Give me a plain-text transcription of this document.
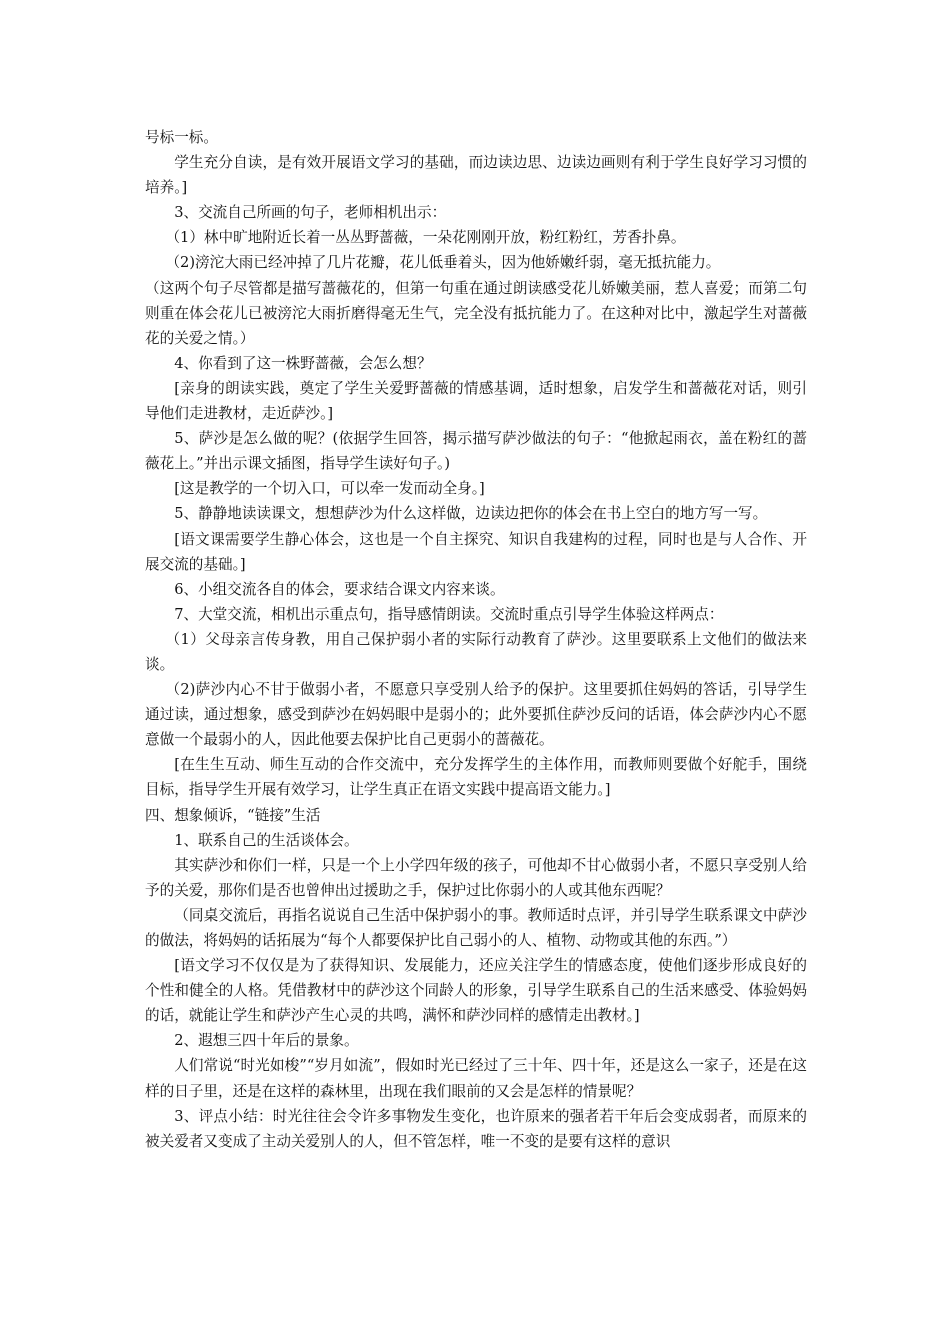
号标一标。

学生充分自读，是有效开展语文学习的基础，而边读边思、边读边画则有利于学生良好学习习惯的培养。]

3、交流自己所画的句子，老师相机出示：

（1）林中旷地附近长着一丛丛野蔷薇，一朵花刚刚开放，粉红粉红，芳香扑鼻。

（2)滂沱大雨已经冲掉了几片花瓣，花儿低垂着头，因为他娇嫩纤弱，毫无抵抗能力。

（这两个句子尽管都是描写蔷薇花的，但第一句重在通过朗读感受花儿娇嫩美丽，惹人喜爱；而第二句则重在体会花儿已被滂沱大雨折磨得毫无生气，完全没有抵抗能力了。在这种对比中，激起学生对蔷薇花的关爱之情。）

4、你看到了这一株野蔷薇，会怎么想？

[亲身的朗读实践，奠定了学生关爱野蔷薇的情感基调，适时想象，启发学生和蔷薇花对话，则引导他们走进教材，走近萨沙。]

5、萨沙是怎么做的呢？(依据学生回答，揭示描写萨沙做法的句子：“他掀起雨衣，盖在粉红的蔷薇花上。”并出示课文插图，指导学生读好句子。)

[这是教学的一个切入口，可以牵一发而动全身。]

5、静静地读读课文，想想萨沙为什么这样做，边读边把你的体会在书上空白的地方写一写。

[语文课需要学生静心体会，这也是一个自主探究、知识自我建构的过程，同时也是与人合作、开展交流的基础。]

6、小组交流各自的体会，要求结合课文内容来谈。

7、大堂交流，相机出示重点句，指导感情朗读。交流时重点引导学生体验这样两点：

（1）父母亲言传身教，用自己保护弱小者的实际行动教育了萨沙。这里要联系上文他们的做法来谈。

（2)萨沙内心不甘于做弱小者，不愿意只享受别人给予的保护。这里要抓住妈妈的答话，引导学生通过读，通过想象，感受到萨沙在妈妈眼中是弱小的；此外要抓住萨沙反问的话语，体会萨沙内心不愿意做一个最弱小的人，因此他要去保护比自己更弱小的蔷薇花。

[在生生互动、师生互动的合作交流中，充分发挥学生的主体作用，而教师则要做个好舵手，围绕目标，指导学生开展有效学习，让学生真正在语文实践中提高语文能力。]

四、想象倾诉，“链接”生活

1、联系自己的生活谈体会。

其实萨沙和你们一样，只是一个上小学四年级的孩子，可他却不甘心做弱小者，不愿只享受别人给予的关爱，那你们是否也曾伸出过援助之手，保护过比你弱小的人或其他东西呢？

（同桌交流后，再指名说说自己生活中保护弱小的事。教师适时点评，并引导学生联系课文中萨沙的做法，将妈妈的话拓展为“每个人都要保护比自己弱小的人、植物、动物或其他的东西。”）

[语文学习不仅仅是为了获得知识、发展能力，还应关注学生的情感态度，使他们逐步形成良好的个性和健全的人格。凭借教材中的萨沙这个同龄人的形象，引导学生联系自己的生活来感受、体验妈妈的话，就能让学生和萨沙产生心灵的共鸣，满怀和萨沙同样的感情走出教材。]

2、遐想三四十年后的景象。

人们常说“时光如梭”“岁月如流”，假如时光已经过了三十年、四十年，还是这么一家子，还是在这样的日子里，还是在这样的森林里，出现在我们眼前的又会是怎样的情景呢？

3、评点小结：时光往往会令许多事物发生变化，也许原来的强者若干年后会变成弱者，而原来的被关爱者又变成了主动关爱别人的人，但不管怎样，唯一不变的是要有这样的意识
